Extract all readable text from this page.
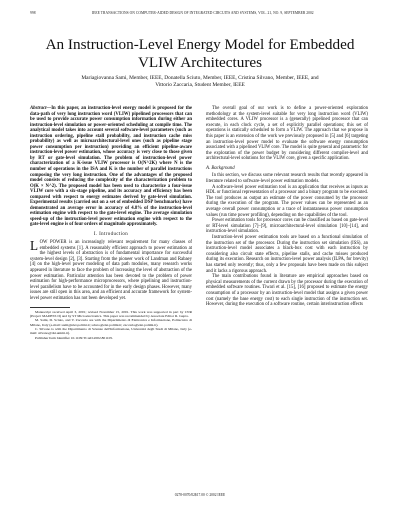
998	IEEE TRANSACTIONS ON COMPUTER-AIDED DESIGN OF INTEGRATED CIRCUITS AND SYSTEMS, VOL. 21, NO. 9, SEPTEMBER 2002
An Instruction-Level Energy Model for Embedded
VLIW Architectures
Mariagiovanna Sami, Member, IEEE, Donatella Sciuto, Member, IEEE, Cristina Silvano, Member, IEEE, and
Vittorio Zaccaria, Student Member, IEEE

Abstract—In this paper, an instruction-level energy model is proposed for the data-path of very long instruction word (VLIW) pipelined processors that can be used to provide accurate power consumption information during either an instruction-level simulation or power-oriented scheduling at compile time. The analytical model takes into account several software-level parameters (such as instruction ordering, pipeline stall probability, and instruction cache miss probability) as well as microarchitectural-level ones (such as pipeline stage power consumption per instruction) providing an efficient pipeline-aware instruction-level power estimation, whose accuracy is very close to those given by RT or gate-level simulation. The problem of instruction-level power characterization of a K-issue VLIW processor is O(N^2K) where N is the number of operations in the ISA and K is the number of parallel instructions composing the very long instruction. One of the advantages of the proposed model consists of reducing the complexity of the characterization problem to O(K × N^2). The proposed model has been used to characterize a four-issue VLIW core with a six-stage pipeline, and its accuracy and efficiency has been compared with respect to energy estimates derived by gate-level simulation. Experimental results (carried out on a set of embedded DSP benchmarks) have demonstrated an average error in accuracy of 4.8% of the instruction-level estimation engine with respect to the gate-level engine. The average simulation speed-up of the instruction-level power estimation engine with respect to the gate-level engine is of four orders of magnitude approximately.

I. Introduction

LOW POWER is an increasingly relevant requirement for many classes of embedded systems [1]. A reasonably efficient approach to power estimation at the highest levels of abstraction is of fundamental importance for successful system-level design [2], [3]. Starting from the pioneer work of Landman and Rabaey [4] on the high-level power modeling of data path modules, many research works appeared in literature to face the problem of increasing the level of abstraction of the power estimation. Particular attention has been devoted to the problem of power estimation for high-performance microprocessors, where pipelining and instruction-level parallelism have to be accounted for in the early design phases. However, many issues are still open in this area, and an efficient and accurate framework for system-level power estimation has not been developed yet.

Manuscript received April 3, 2001; revised November 15, 2001. This work was supported in part by CNR (Project MADESS II) and by ST Microelectronics. This paper was recommended by Associate Editor R. Gupta.

M. Sami, D. Sciuto, and V. Zaccaria are with the Dipartimento di Elettronica e Informazione, Politecnico di Milano, Italy (e-mail: sami@elet.polimi.it; sciuto@elet.polimi.it; zaccaria@elet.polimi.it).

C. Silvano is with the Dipartimento di Scienze dell'Informazione, Università degli Studi di Milano, Italy (e-mail: silvano@dsi.unimi.it).

Publisher Item Identifier 10.1109/TCAD.2002.801105.

The overall goal of our work is to define a power-oriented exploration methodology at the system-level suitable for very long instruction word (VLIW) embedded cores. A VLIW processor is a (generally) pipelined processor that can execute, in each clock cycle, a set of explicitly parallel operations; this set of operations is statically scheduled to form a VLIW. The approach that we propose in this paper is an extension of the work we previously proposed in [5] and [6] targeting an instruction-level power model to evaluate the software energy consumption associated with a pipelined VLIW core. The model is quite general and parametric for the exploration of the power budget by considering different compiler-level and architectural-level solutions for the VLIW core, given a specific application.

A. Background

In this section, we discuss some relevant research results that recently appeared in literature related to software-level power estimation models.

A software-level power estimation tool is an application that receives as inputs as HDL or functional representation of a processor and a binary program to be executed. The tool produces as output an estimate of the power consumed by the processor during the execution of the program. The power values can be represented as an average overall power consumption or a trace of instantaneous power consumption values (run time power profiling), depending on the capabilities of the tool.

Power estimation tools for processor cores can be classified as based on gate-level or RT-level simulation [7]–[9], microarchitectural-level simulation [10]–[14], and instruction-level simulation.

Instruction-level power estimation tools are based on a functional simulation of the instruction set of the processor. During the instruction set simulation (ISS), an instruction-level model associates a black-box cost with each instruction by considering also circuit state effects, pipeline stalls, and cache misses produced during its execution. Research on instruction-level power analysis (ILPA, for brevity) has started only recently; thus, only a few proposals have been made on this subject and it lacks a rigorous approach.

The main contributions found in literature are empirical approaches based on physical measurements of the current drawn by the processor during the execution of embedded software routines. Tiwari et al. [15], [16] proposed to estimate the energy consumption of a processor by an instruction-level model that assigns a given power cost (namely the base energy cost) to each single instruction of the instruction set. However, during the execution of a software routine, certain interinstruction effects

0278-0070/02$17.00 © 2002 IEEE
